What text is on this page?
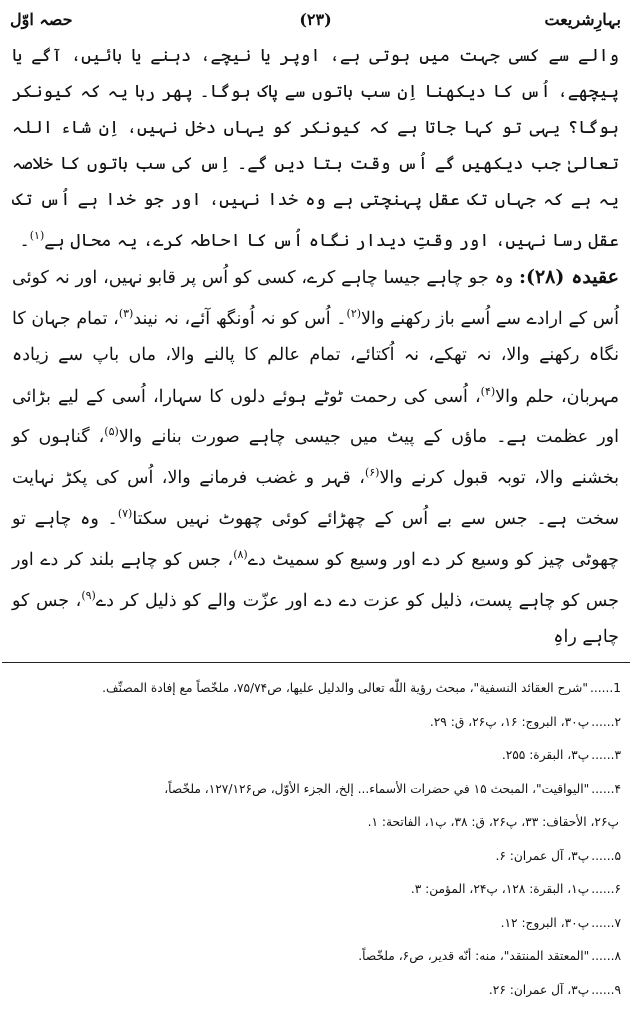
بہارِشریعت
(۲۳)
حصہ اوّل

والے سے کسی جہت میں ہوتی ہے، اوپر یا نیچے، دہنے یا بائیں، آگے یا پیچھے، اُس کا دیکھنا اِن سب باتوں سے پاک ہوگا۔ پھر رہا یہ کہ کیونکر ہوگا؟ یہی تو کہا جاتا ہے کہ کیونکر کو یہاں دخل نہیں، اِن شاء اللہ تعالیٰ جب دیکھیں گے اُس وقت بتا دیں گے۔ اِس کی سب باتوں کا خلاصہ یہ ہے کہ جہاں تک عقل پہنچتی ہے وہ خدا نہیں، اور جو خدا ہے اُس تک عقل رسا نہیں، اور وقتِ دیدار نگاہ اُس کا احاطہ کرے، یہ محال ہے$^{(۱)}$۔

عقیدہ (۲۸): وہ جو چاہے جیسا چاہے کرے، کسی کو اُس پر قابو نہیں، اور نہ کوئی اُس کے ارادے سے اُسے باز رکھنے والا$^{(۲)}$۔ اُس کو نہ اُونگھ آئے، نہ نیند$^{(۳)}$، تمام جہان کا نگاہ رکھنے والا، نہ تھکے، نہ اُکتائے، تمام عالم کا پالنے والا، ماں باپ سے زیادہ مہربان، حلم والا$^{(۴)}$، اُسی کی رحمت ٹوٹے ہوئے دلوں کا سہارا، اُسی کے لیے بڑائی اور عظمت ہے۔ ماؤں کے پیٹ میں جیسی چاہے صورت بنانے والا$^{(۵)}$، گناہوں کو بخشنے والا، توبہ قبول کرنے والا$^{(۶)}$، قہر و غضب فرمانے والا، اُس کی پکڑ نہایت سخت ہے۔ جس سے بے اُس کے چھڑائے کوئی چھوٹ نہیں سکتا$^{(۷)}$۔ وہ چاہے تو چھوٹی چیز کو وسیع کر دے اور وسیع کو سمیٹ دے$^{(۸)}$، جس کو چاہے بلند کر دے اور جس کو چاہے پست، ذلیل کو عزت دے دے اور عزّت والے کو ذلیل کر دے$^{(۹)}$، جس کو چاہے راہِ

1......"شرح العقائد النسفية"، مبحث رؤية اللّٰه تعالى والدليل عليها، ص۷۵/۷۴، ملخّصاً مع إفادة المصنِّف.

۲......پ۳۰، البروج: ۱۶، پ۲۶، ق: ۲۹.

۳......پ۳، البقرة: ۲۵۵.

۴......"اليواقيت"، المبحث ۱۵ في حضرات الأسماء... إلخ، الجزء الأوّل، ص۱۲۷/۱۲۶، ملخّصاً،

پ۲۶، الأحقاف: ۳۳، پ۲۶، ق: ۳۸، پ۱، الفاتحة: ۱.

۵......پ۳، آل عمران: ۶.

۶......پ۱، البقرة: ۱۲۸، پ۲۴، المؤمن: ۳.

۷......پ۳۰، البروج: ۱۲.

۸......"المعتقد المنتقد"، منه: أنّه قدير، ص۶، ملخّصاً.

۹......پ۳، آل عمران: ۲۶.
